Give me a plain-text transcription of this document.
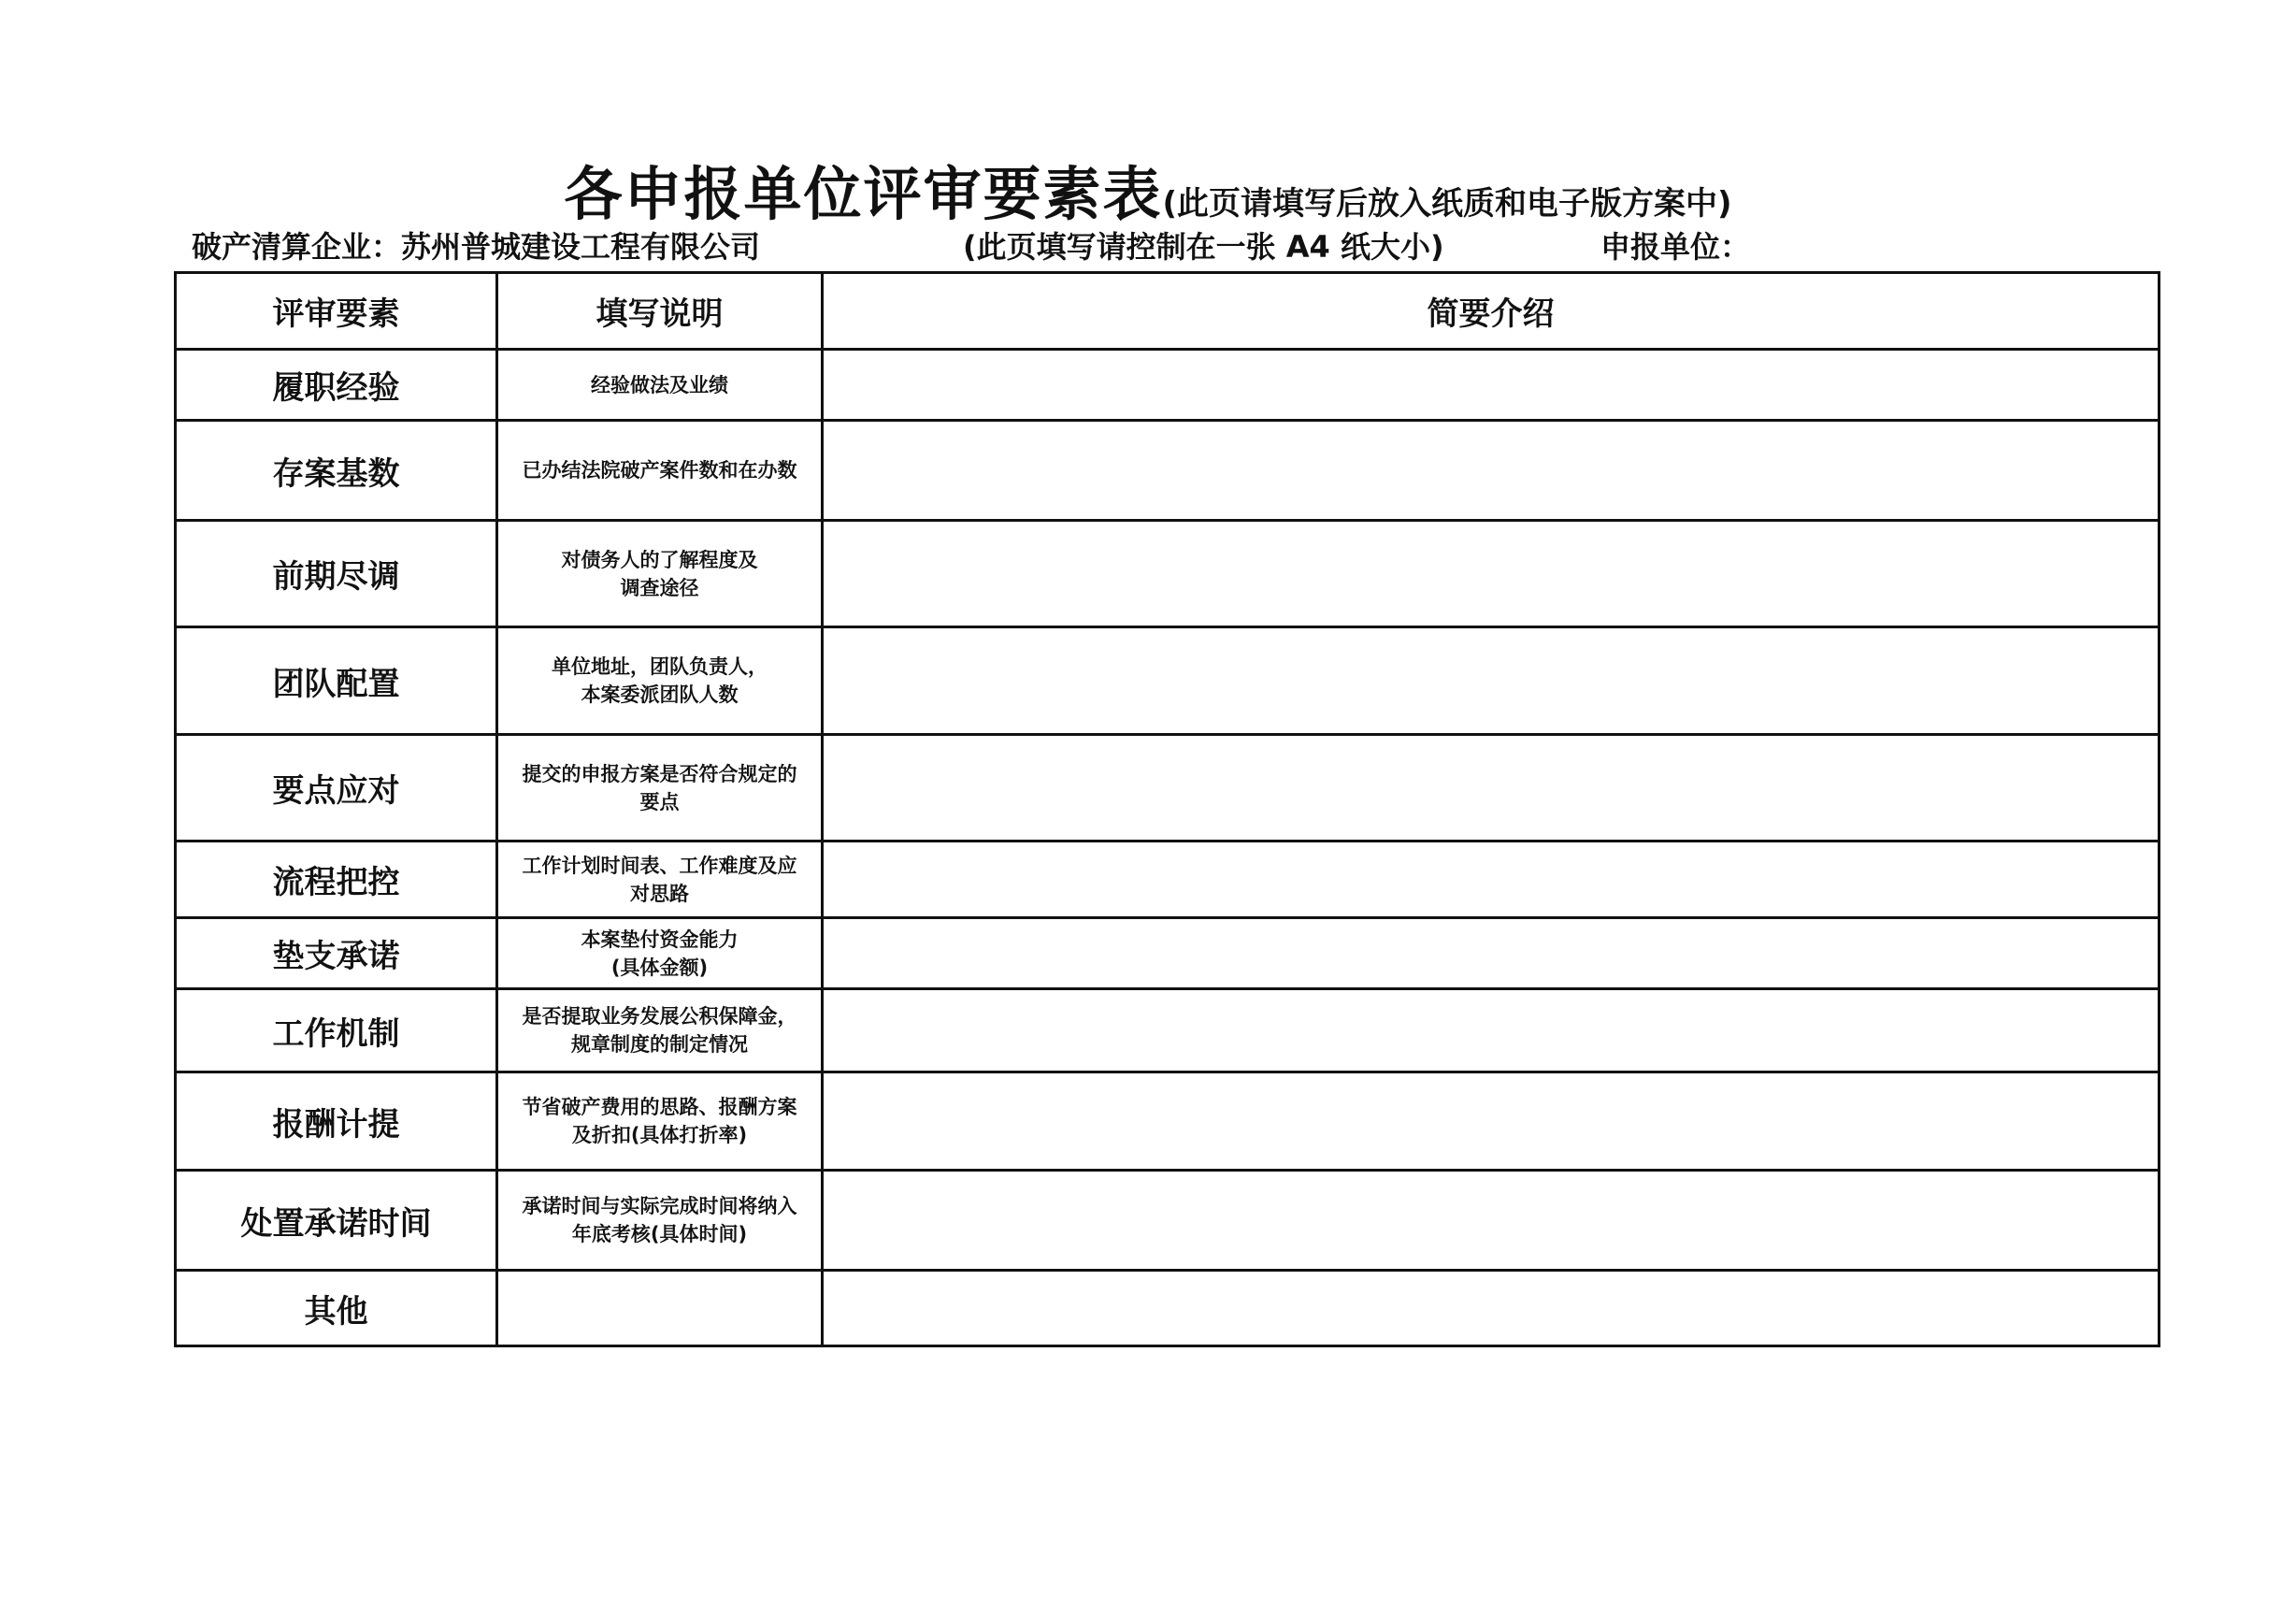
各申报单位评审要素表(此页请填写后放入纸质和电子版方案中)
破产清算企业：苏州普城建设工程有限公司	(此页填写请控制在一张 A4 纸大小)	申报单位：
评审要素	填写说明	简要介绍
履职经验	经验做法及业绩	

存案基数	已办结法院破产案件数和在办数	

前期尽调	对债务人的了解程度及
调查途径	

团队配置	单位地址，团队负责人，
本案委派团队人数	

要点应对	提交的申报方案是否符合规定的
要点	

流程把控	工作计划时间表、工作难度及应
对思路	

垫支承诺	本案垫付资金能力
(具体金额)	

工作机制	是否提取业务发展公积保障金，
规章制度的制定情况	

报酬计提	节省破产费用的思路、报酬方案
及折扣(具体打折率)	

处置承诺时间	承诺时间与实际完成时间将纳入
年底考核(具体时间)	

其他		
